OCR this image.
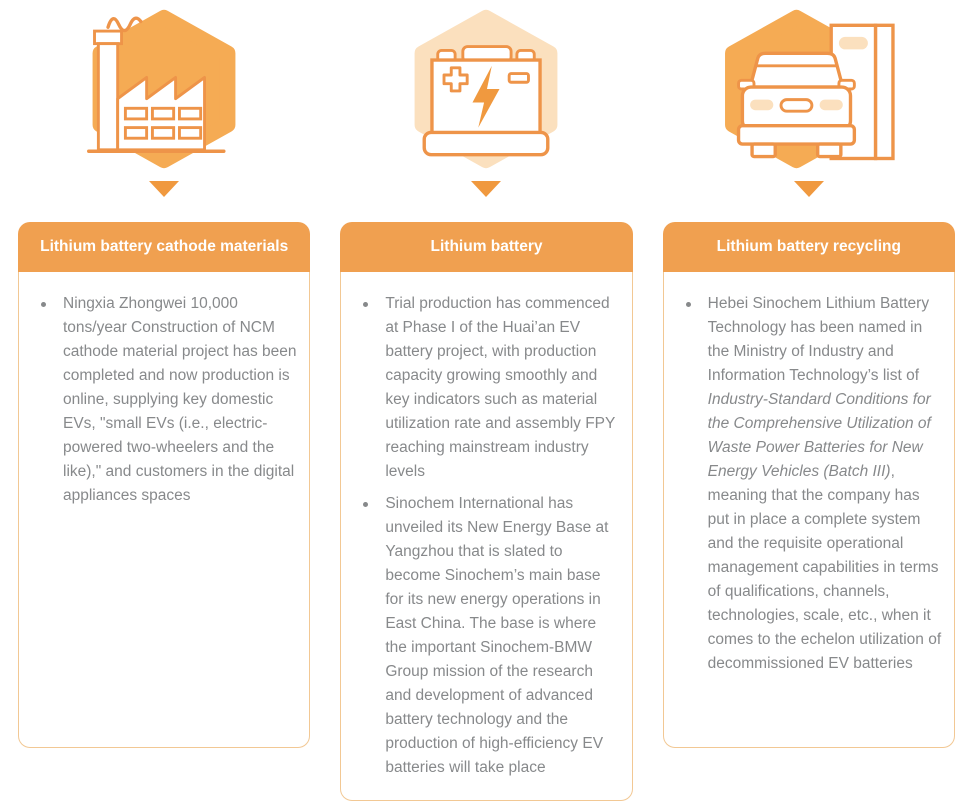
Lithium battery cathode materials
Ningxia Zhongwei 10,000 tons/year Construction of NCM cathode material project has been completed and now production is online, supplying key domestic EVs, "small EVs (i.e., electric-powered two-wheelers and the like)," and customers in the digital appliances spaces
Lithium battery
Trial production has commenced at Phase I of the Huai’an EV battery project, with production capacity growing smoothly and key indicators such as material utilization rate and assembly FPY reaching mainstream industry levels
Sinochem International has unveiled its New Energy Base at Yangzhou that is slated to become Sinochem’s main base for its new energy operations in East China. The base is where the important Sinochem-BMW Group mission of the research and development of advanced battery technology and the production of high-efficiency EV batteries will take place
Lithium battery recycling
Hebei Sinochem Lithium Battery Technology has been named in the Ministry of Industry and Information Technology’s list of Industry-Standard Conditions for the Comprehensive Utilization of Waste Power Batteries for New Energy Vehicles (Batch III), meaning that the company has put in place a complete system and the requisite operational management capabilities in terms of qualifications, channels, technologies, scale, etc., when it comes to the echelon utilization of decommissioned EV batteries
